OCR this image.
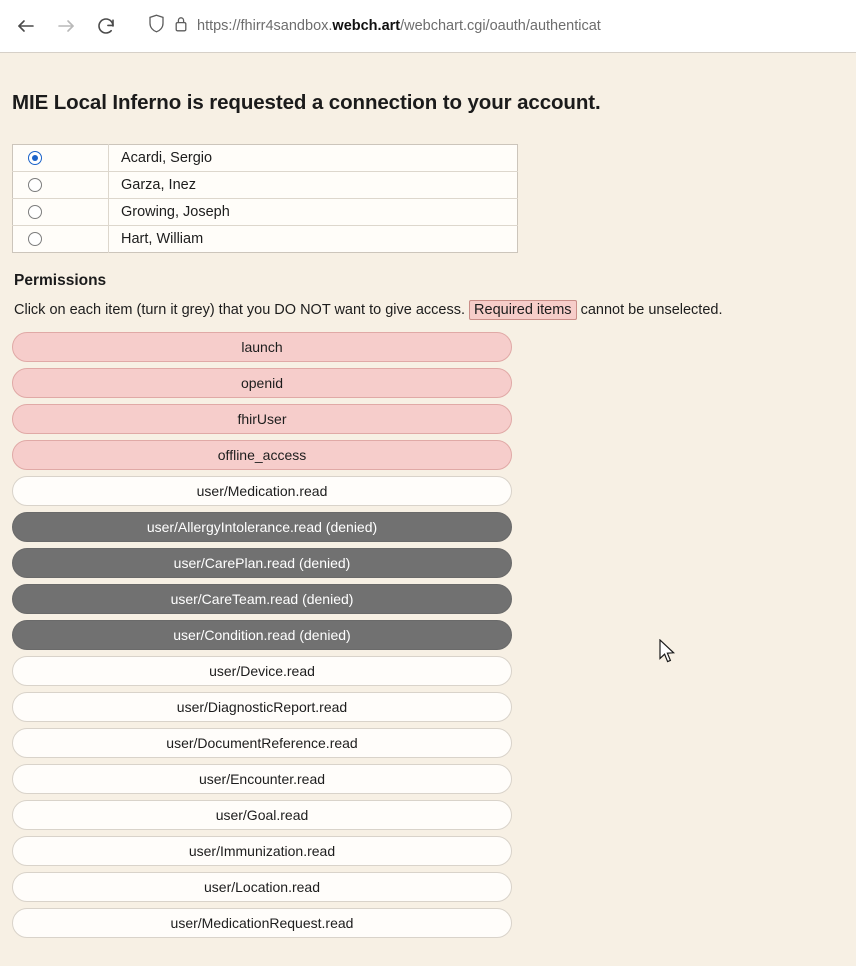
https://fhirr4sandbox.webch.art/webchart.cgi/oauth/authenticat
MIE Local Inferno is requested a connection to your account.
	Acardi, Sergio
	Garza, Inez
	Growing, Joseph
	Hart, William
Permissions
Click on each item (turn it grey) that you DO NOT want to give access. Required items cannot be unselected.
launch
openid
fhirUser
offline_access
user/Medication.read
user/AllergyIntolerance.read (denied)
user/CarePlan.read (denied)
user/CareTeam.read (denied)
user/Condition.read (denied)
user/Device.read
user/DiagnosticReport.read
user/DocumentReference.read
user/Encounter.read
user/Goal.read
user/Immunization.read
user/Location.read
user/MedicationRequest.read
